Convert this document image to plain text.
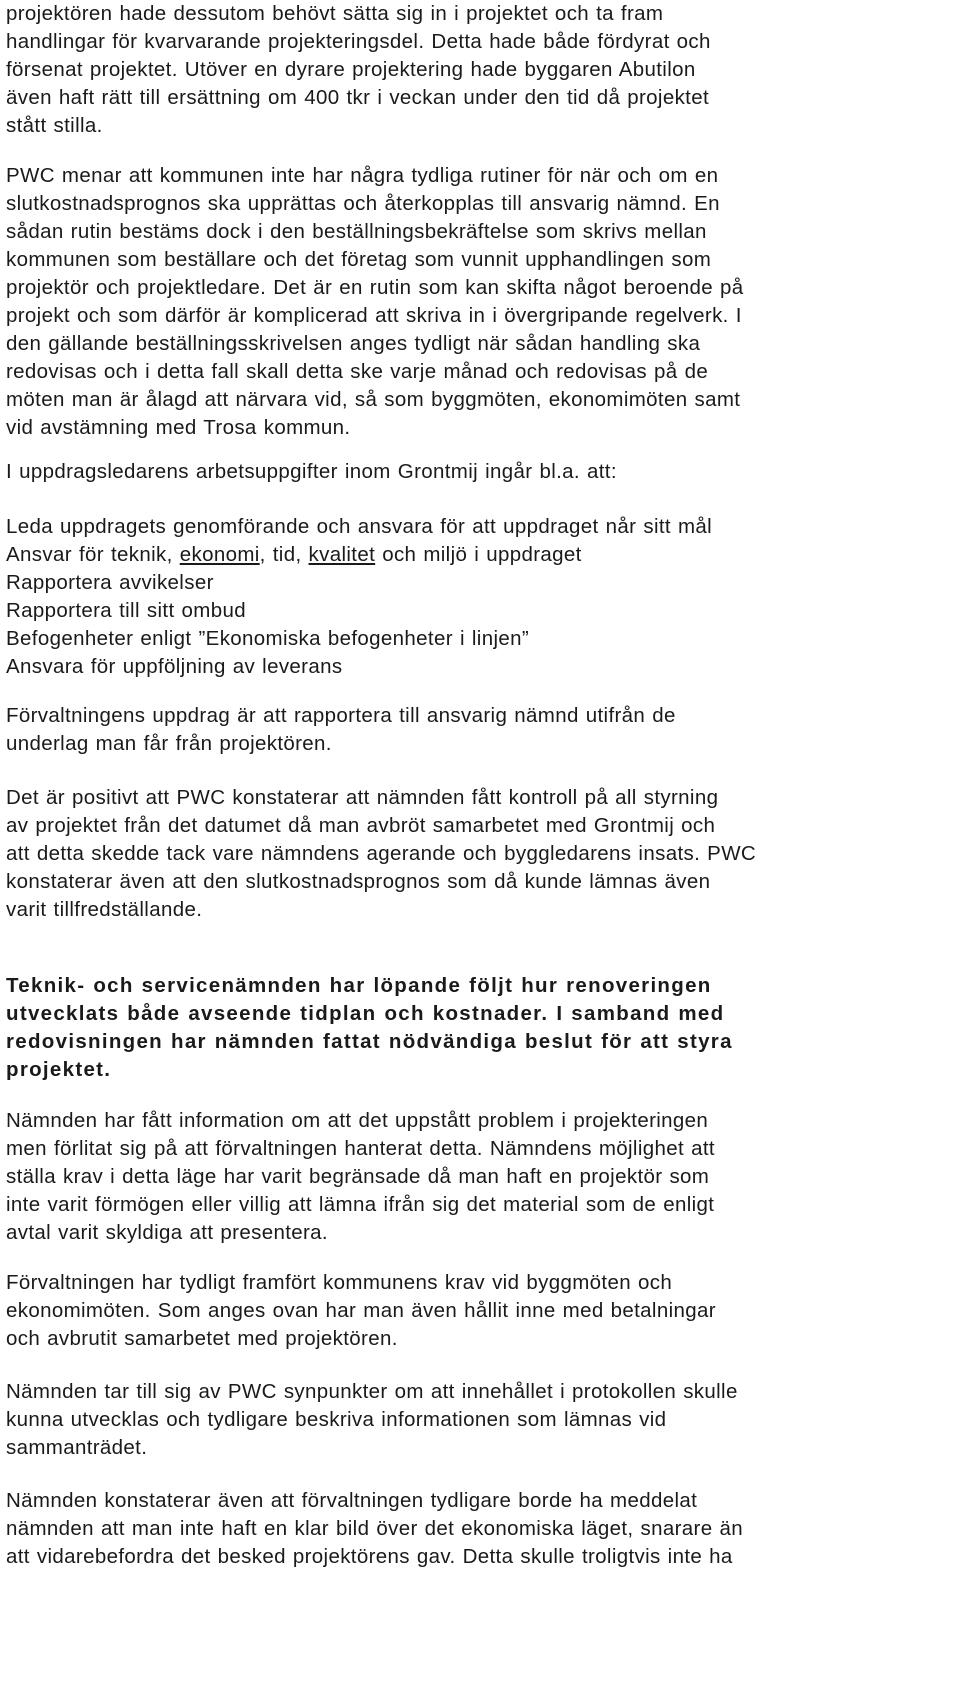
projektören hade dessutom behövt sätta sig in i projektet och ta fram
handlingar för kvarvarande projekteringsdel. Detta hade både fördyrat och
försenat projektet. Utöver en dyrare projektering hade byggaren Abutilon
även haft rätt till ersättning om 400 tkr i veckan under den tid då projektet
stått stilla.
PWC menar att kommunen inte har några tydliga rutiner för när och om en
slutkostnadsprognos ska upprättas och återkopplas till ansvarig nämnd. En
sådan rutin bestäms dock i den beställningsbekräftelse som skrivs mellan
kommunen som beställare och det företag som vunnit upphandlingen som
projektör och projektledare. Det är en rutin som kan skifta något beroende på
projekt och som därför är komplicerad att skriva in i övergripande regelverk. I
den gällande beställningsskrivelsen anges tydligt när sådan handling ska
redovisas och i detta fall skall detta ske varje månad och redovisas på de
möten man är ålagd att närvara vid, så som byggmöten, ekonomimöten samt
vid avstämning med Trosa kommun.
I uppdragsledarens arbetsuppgifter inom Grontmij ingår bl.a. att:
Leda uppdragets genomförande och ansvara för att uppdraget når sitt mål
Ansvar för teknik, ekonomi, tid, kvalitet och miljö i uppdraget
Rapportera avvikelser
Rapportera till sitt ombud
Befogenheter enligt ”Ekonomiska befogenheter i linjen”
Ansvara för uppföljning av leverans
Förvaltningens uppdrag är att rapportera till ansvarig nämnd utifrån de
underlag man får från projektören.
Det är positivt att PWC konstaterar att nämnden fått kontroll på all styrning
av projektet från det datumet då man avbröt samarbetet med Grontmij och
att detta skedde tack vare nämndens agerande och byggledarens insats. PWC
konstaterar även att den slutkostnadsprognos som då kunde lämnas även
varit tillfredställande.
Teknik- och servicenämnden har löpande följt hur renoveringen
utvecklats både avseende tidplan och kostnader. I samband med
redovisningen har nämnden fattat nödvändiga beslut för att styra
projektet.
Nämnden har fått information om att det uppstått problem i projekteringen
men förlitat sig på att förvaltningen hanterat detta. Nämndens möjlighet att
ställa krav i detta läge har varit begränsade då man haft en projektör som
inte varit förmögen eller villig att lämna ifrån sig det material som de enligt
avtal varit skyldiga att presentera.
Förvaltningen har tydligt framfört kommunens krav vid byggmöten och
ekonomimöten. Som anges ovan har man även hållit inne med betalningar
och avbrutit samarbetet med projektören.
Nämnden tar till sig av PWC synpunkter om att innehållet i protokollen skulle
kunna utvecklas och tydligare beskriva informationen som lämnas vid
sammanträdet.
Nämnden konstaterar även att förvaltningen tydligare borde ha meddelat
nämnden att man inte haft en klar bild över det ekonomiska läget, snarare än
att vidarebefordra det besked projektörens gav. Detta skulle troligtvis inte ha
